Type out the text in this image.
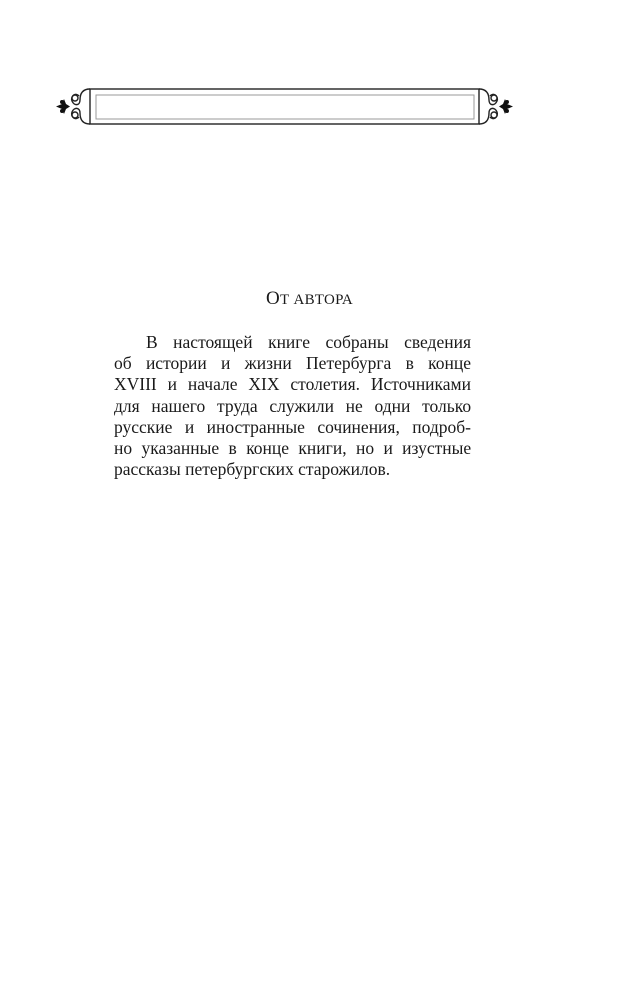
ОТ АВТОРА
В настоящей книге собраны сведения
об истории и жизни Петербурга в конце
XVIII и начале XIX столетия. Источниками
для нашего труда служили не одни только
русские и иностранные сочинения, подроб-
но указанные в конце книги, но и изустные
рассказы петербургских старожилов.
